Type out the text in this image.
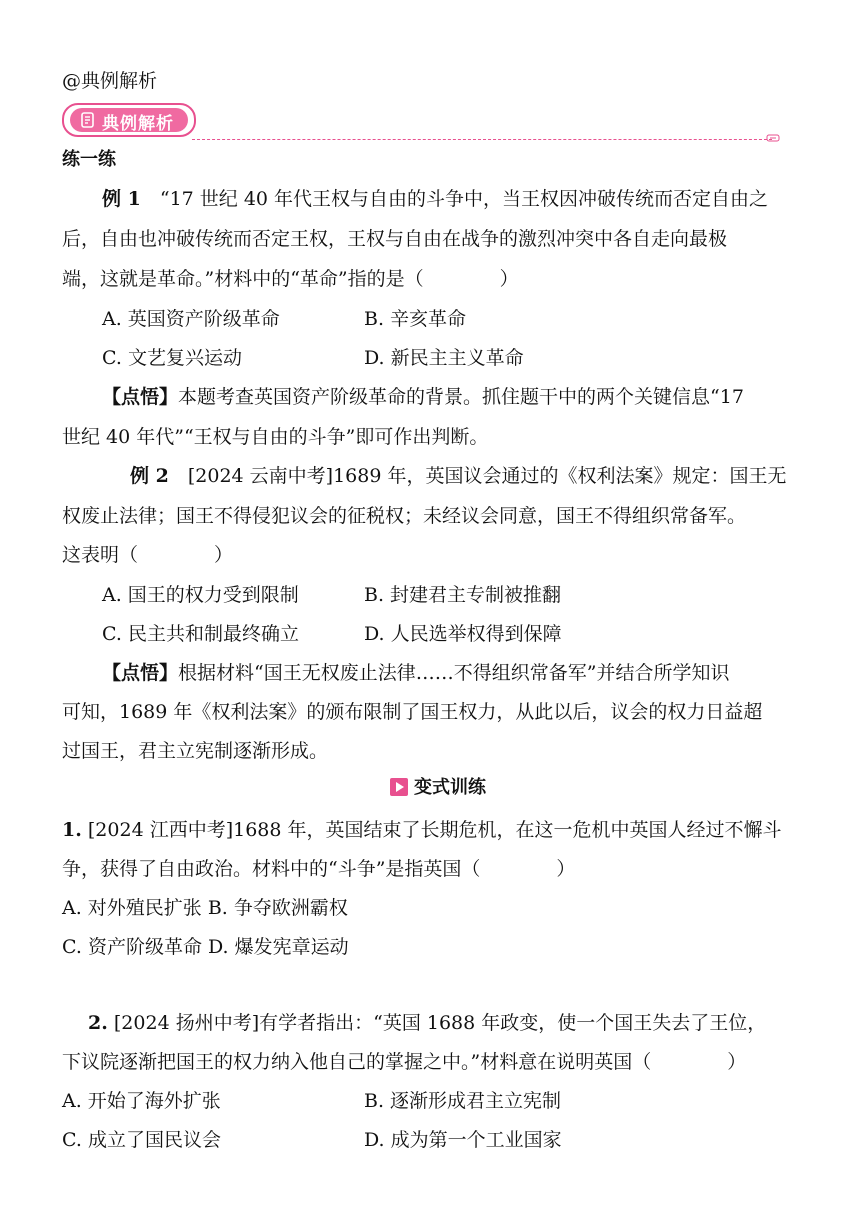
@典例解析
典例解析
练一练
例 1　 “17 世纪 40 年代王权与自由的斗争中，当王权因冲破传统而否定自由之
后，自由也冲破传统而否定王权，王权与自由在战争的激烈冲突中各自走向最极
端，这就是革命。”材料中的“革命”指的是（　　　　）
A. 英国资产阶级革命	B. 辛亥革命
C. 文艺复兴运动	D. 新民主主义革命
【点悟】本题考查英国资产阶级革命的背景。抓住题干中的两个关键信息“17
世纪 40 年代”“王权与自由的斗争”即可作出判断。
例 2　 [2024 云南中考]1689 年，英国议会通过的《权利法案》规定：国王无
权废止法律；国王不得侵犯议会的征税权；未经议会同意，国王不得组织常备军。
这表明（　　　　）
A. 国王的权力受到限制	B. 封建君主专制被推翻
C. 民主共和制最终确立	D. 人民选举权得到保障
【点悟】根据材料“国王无权废止法律……不得组织常备军”并结合所学知识
可知，1689 年《权利法案》的颁布限制了国王权力，从此以后，议会的权力日益超
过国王，君主立宪制逐渐形成。
变式训练
1. [2024 江西中考]1688 年，英国结束了长期危机，在这一危机中英国人经过不懈斗
争，获得了自由政治。材料中的“斗争”是指英国（　　　　）
A. 对外殖民扩张 B. 争夺欧洲霸权
C. 资产阶级革命 D. 爆发宪章运动
2. [2024 扬州中考]有学者指出：“英国 1688 年政变，使一个国王失去了王位，
下议院逐渐把国王的权力纳入他自己的掌握之中。”材料意在说明英国（　　　　）
A. 开始了海外扩张	B. 逐渐形成君主立宪制
C. 成立了国民议会	D. 成为第一个工业国家
